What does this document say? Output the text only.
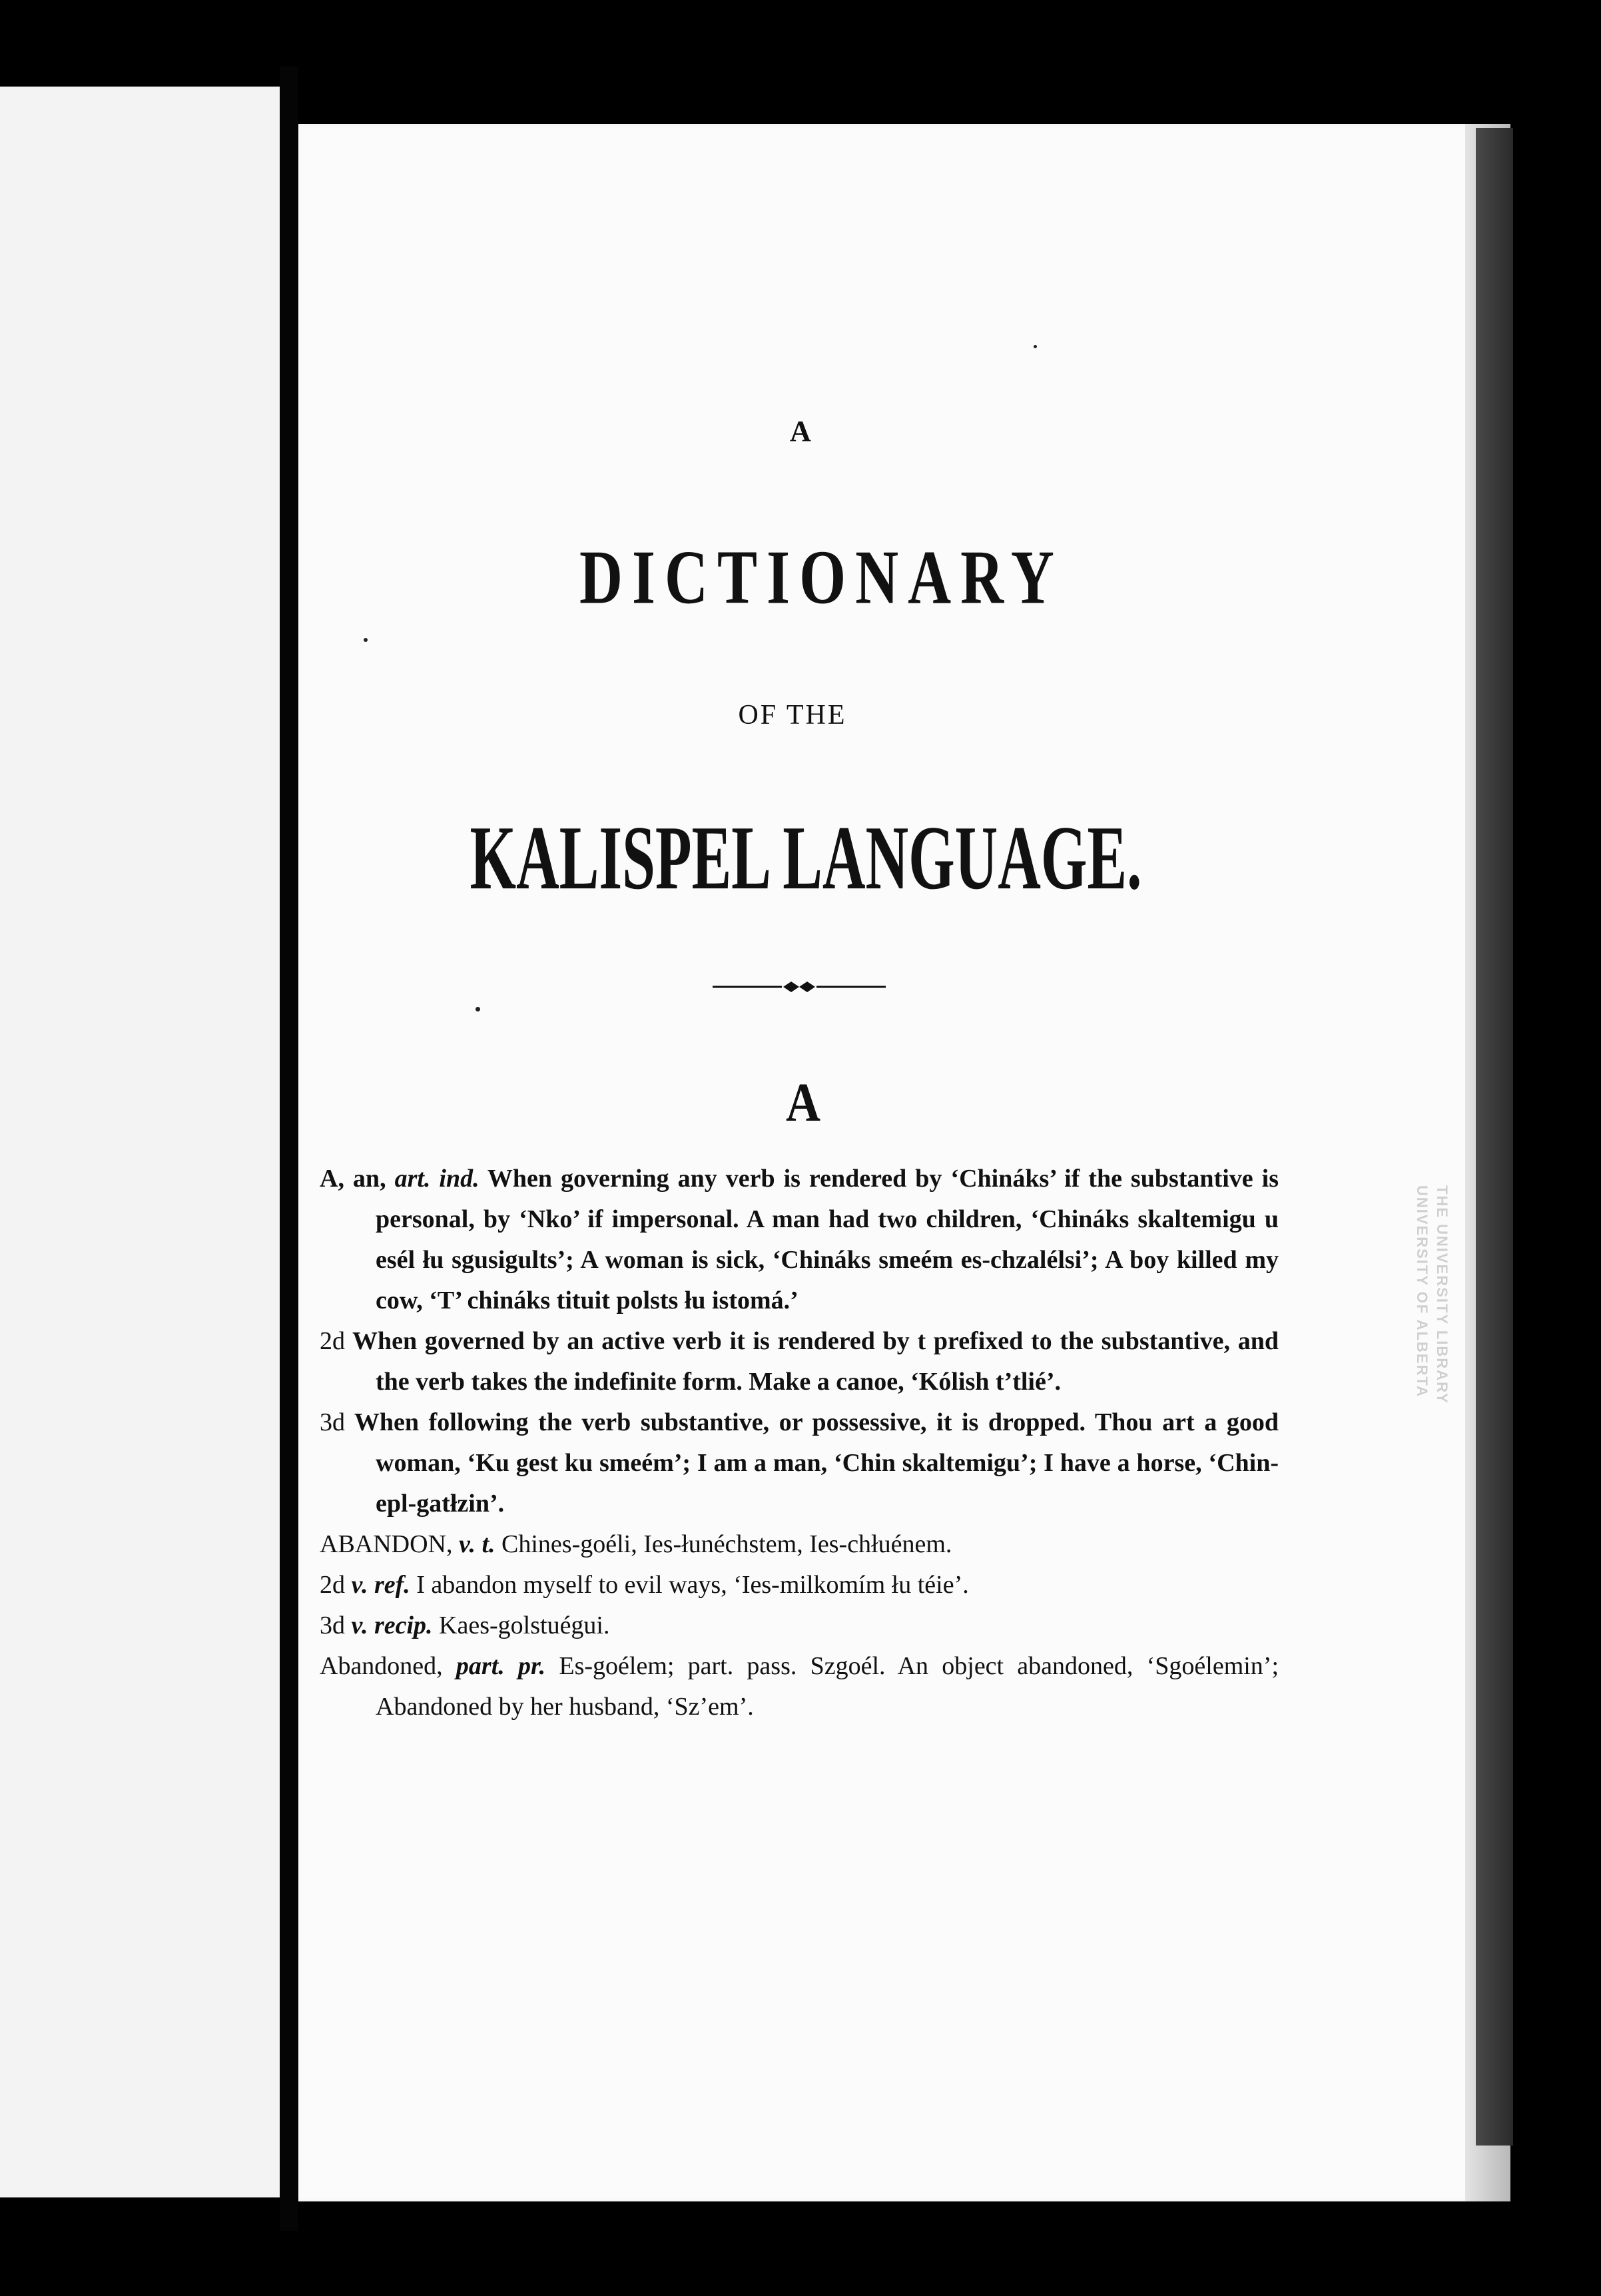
THE UNIVERSITY LIBRARY
UNIVERSITY OF ALBERTA
A
DICTIONARY
OF THE
KALISPEL LANGUAGE.
A
A, an, art. ind. When governing any verb is rendered by ‘Chináks’ if the substantive is personal, by ‘Nko’ if impersonal. A man had two children, ‘Chináks skaltemigu u esél łu sgusigults’; A woman is sick, ‘Chináks smeém es-chzalélsi’; A boy killed my cow, ‘T’ chináks tituit polsts łu istomá.’
2d When governed by an active verb it is rendered by t prefixed to the substantive, and the verb takes the indefinite form. Make a canoe, ‘Kólish t’tlié’.
3d When following the verb substantive, or possessive, it is dropped. Thou art a good woman, ‘Ku gest ku smeém’; I am a man, ‘Chin skaltemigu’; I have a horse, ‘Chin-epl-gatłzin’.
ABANDON, v. t. Chines-goéli, Ies-łunéchstem, Ies-chłuénem.
2d v. ref. I abandon myself to evil ways, ‘Ies-milkomím łu téie’.
3d v. recip. Kaes-golstuégui.
Abandoned, part. pr. Es-goélem; part. pass. Szgoél. An object abandoned, ‘Sgoélemin’; Abandoned by her husband, ‘Sz’em’.
